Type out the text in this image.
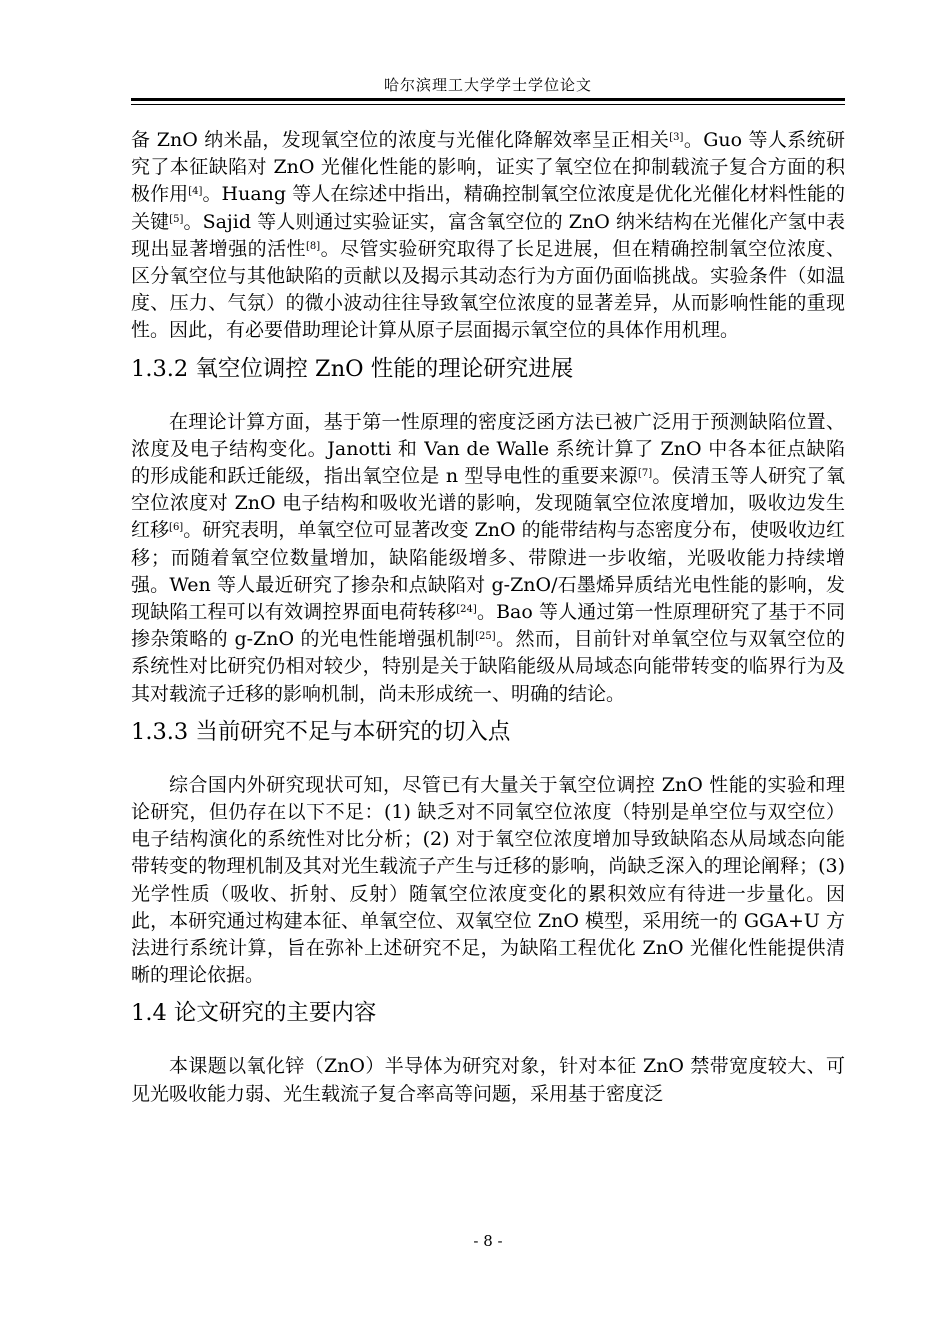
哈尔滨理工大学学士学位论文

备 ZnO 纳米晶，发现氧空位的浓度与光催化降解效率呈正相关[3]。Guo 等人系统研究了本征缺陷对 ZnO 光催化性能的影响，证实了氧空位在抑制载流子复合方面的积极作用[4]。Huang 等人在综述中指出，精确控制氧空位浓度是优化光催化材料性能的关键[5]。Sajid 等人则通过实验证实，富含氧空位的 ZnO 纳米结构在光催化产氢中表现出显著增强的活性[8]。尽管实验研究取得了长足进展，但在精确控制氧空位浓度、区分氧空位与其他缺陷的贡献以及揭示其动态行为方面仍面临挑战。实验条件（如温度、压力、气氛）的微小波动往往导致氧空位浓度的显著差异，从而影响性能的重现性。因此，有必要借助理论计算从原子层面揭示氧空位的具体作用机理。

1.3.2 氧空位调控 ZnO 性能的理论研究进展

在理论计算方面，基于第一性原理的密度泛函方法已被广泛用于预测缺陷位置、浓度及电子结构变化。Janotti 和 Van de Walle 系统计算了 ZnO 中各本征点缺陷的形成能和跃迁能级，指出氧空位是 n 型导电性的重要来源[7]。侯清玉等人研究了氧空位浓度对 ZnO 电子结构和吸收光谱的影响，发现随氧空位浓度增加，吸收边发生红移[6]。研究表明，单氧空位可显著改变 ZnO 的能带结构与态密度分布，使吸收边红移；而随着氧空位数量增加，缺陷能级增多、带隙进一步收缩，光吸收能力持续增强。Wen 等人最近研究了掺杂和点缺陷对 g-ZnO/石墨烯异质结光电性能的影响，发现缺陷工程可以有效调控界面电荷转移[24]。Bao 等人通过第一性原理研究了基于不同掺杂策略的 g-ZnO 的光电性能增强机制[25]。然而，目前针对单氧空位与双氧空位的系统性对比研究仍相对较少，特别是关于缺陷能级从局域态向能带转变的临界行为及其对载流子迁移的影响机制，尚未形成统一、明确的结论。

1.3.3 当前研究不足与本研究的切入点

综合国内外研究现状可知，尽管已有大量关于氧空位调控 ZnO 性能的实验和理论研究，但仍存在以下不足：(1) 缺乏对不同氧空位浓度（特别是单空位与双空位）电子结构演化的系统性对比分析；(2) 对于氧空位浓度增加导致缺陷态从局域态向能带转变的物理机制及其对光生载流子产生与迁移的影响，尚缺乏深入的理论阐释；(3) 光学性质（吸收、折射、反射）随氧空位浓度变化的累积效应有待进一步量化。因此，本研究通过构建本征、单氧空位、双氧空位 ZnO 模型，采用统一的 GGA+U 方法进行系统计算，旨在弥补上述研究不足，为缺陷工程优化 ZnO 光催化性能提供清晰的理论依据。

1.4 论文研究的主要内容

本课题以氧化锌（ZnO）半导体为研究对象，针对本征 ZnO 禁带宽度较大、可见光吸收能力弱、光生载流子复合率高等问题，采用基于密度泛

- 8 -
